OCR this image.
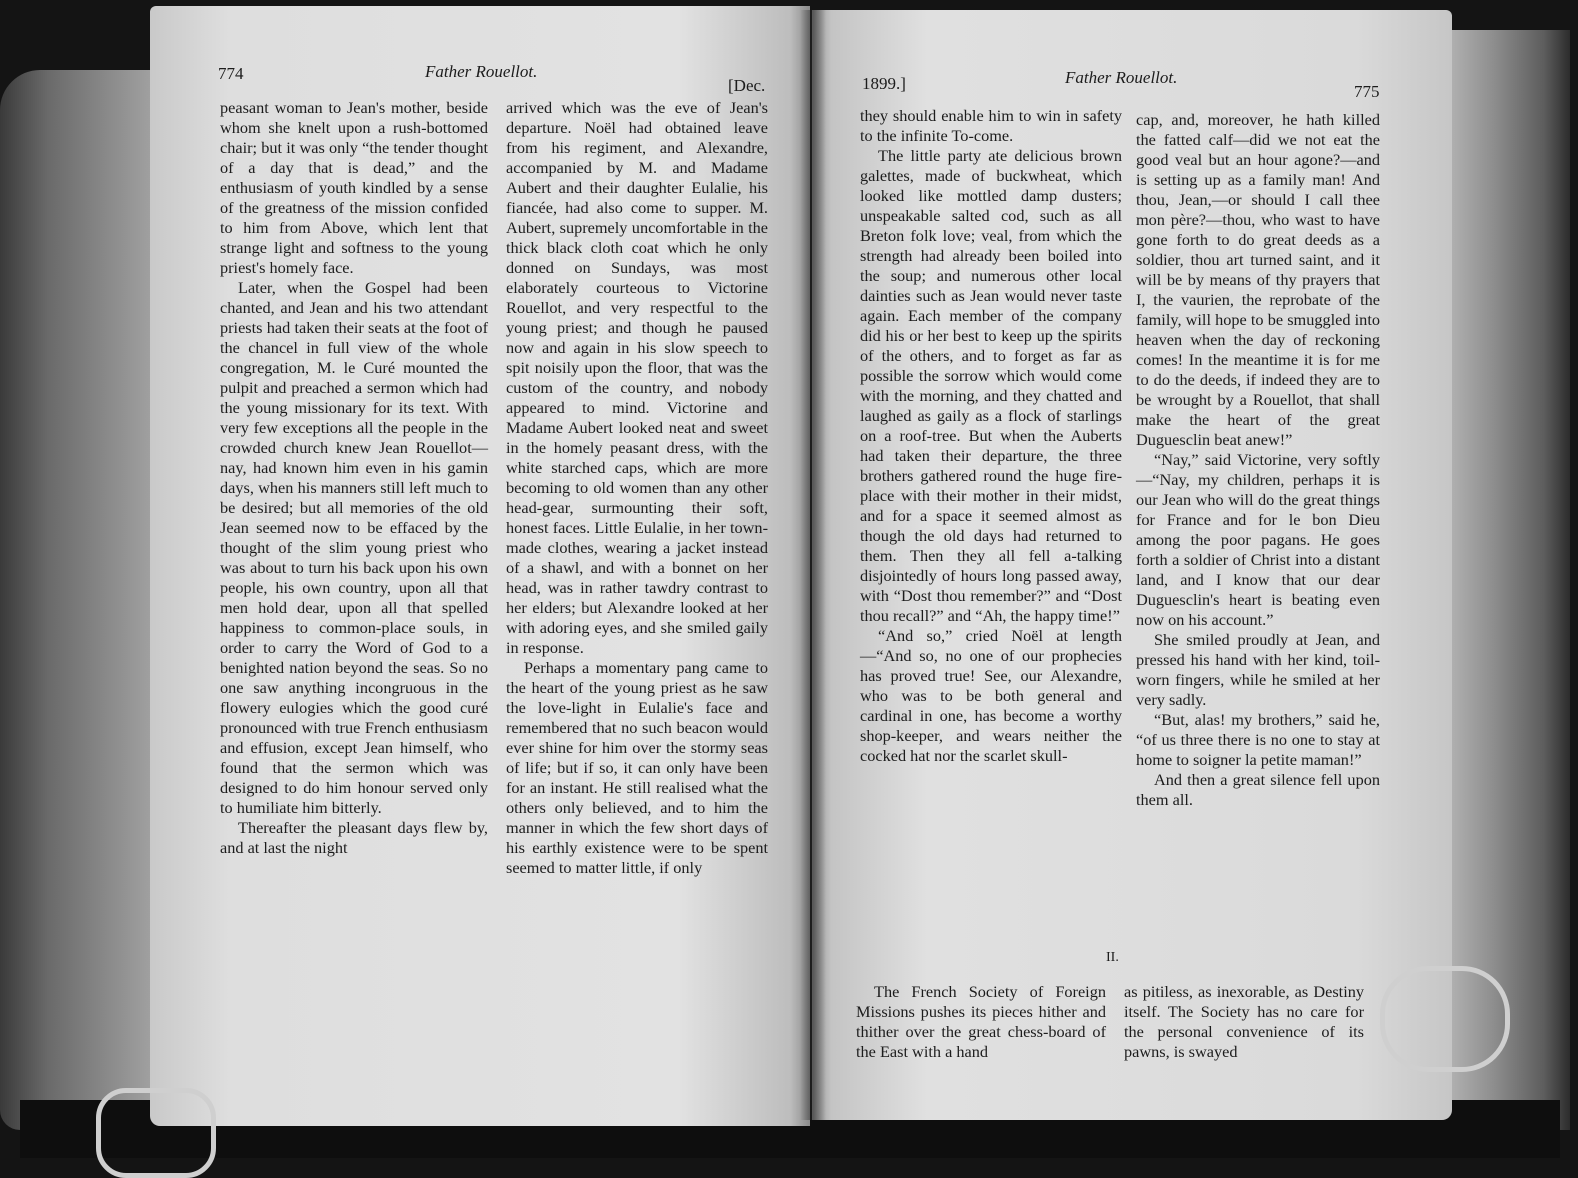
774	Father Rouellot.
[Dec.

peasant woman to Jean's mother, beside whom she knelt upon a rush-bottomed chair; but it was only “the tender thought of a day that is dead,” and the enthusiasm of youth kindled by a sense of the greatness of the mission confided to him from Above, which lent that strange light and softness to the young priest's homely face.

Later, when the Gospel had been chanted, and Jean and his two attendant priests had taken their seats at the foot of the chancel in full view of the whole congregation, M. le Curé mounted the pulpit and preached a sermon which had the young missionary for its text. With very few exceptions all the people in the crowded church knew Jean Rouellot—nay, had known him even in his gamin days, when his manners still left much to be desired; but all memories of the old Jean seemed now to be effaced by the thought of the slim young priest who was about to turn his back upon his own people, his own country, upon all that men hold dear, upon all that spelled happiness to common-place souls, in order to carry the Word of God to a benighted nation beyond the seas. So no one saw anything incongruous in the flowery eulogies which the good curé pronounced with true French enthusiasm and effusion, except Jean himself, who found that the sermon which was designed to do him honour served only to humiliate him bitterly.

Thereafter the pleasant days flew by, and at last the night

arrived which was the eve of Jean's departure. Noël had obtained leave from his regiment, and Alexandre, accompanied by M. and Madame Aubert and their daughter Eulalie, his fiancée, had also come to supper. M. Aubert, supremely uncomfortable in the thick black cloth coat which he only donned on Sundays, was most elaborately courteous to Victorine Rouellot, and very respectful to the young priest; and though he paused now and again in his slow speech to spit noisily upon the floor, that was the custom of the country, and nobody appeared to mind. Victorine and Madame Aubert looked neat and sweet in the homely peasant dress, with the white starched caps, which are more becoming to old women than any other head-gear, surmounting their soft, honest faces. Little Eulalie, in her town-made clothes, wearing a jacket instead of a shawl, and with a bonnet on her head, was in rather tawdry contrast to her elders; but Alexandre looked at her with adoring eyes, and she smiled gaily in response.

Perhaps a momentary pang came to the heart of the young priest as he saw the love-light in Eulalie's face and remembered that no such beacon would ever shine for him over the stormy seas of life; but if so, it can only have been for an instant. He still realised what the others only believed, and to him the manner in which the few short days of his earthly existence were to be spent seemed to matter little, if only

1899.]	Father Rouellot.
775

they should enable him to win in safety to the infinite To-come.

The little party ate delicious brown galettes, made of buckwheat, which looked like mottled damp dusters; unspeakable salted cod, such as all Breton folk love; veal, from which the strength had already been boiled into the soup; and numerous other local dainties such as Jean would never taste again. Each member of the company did his or her best to keep up the spirits of the others, and to forget as far as possible the sorrow which would come with the morning, and they chatted and laughed as gaily as a flock of starlings on a roof-tree. But when the Auberts had taken their departure, the three brothers gathered round the huge fire-place with their mother in their midst, and for a space it seemed almost as though the old days had returned to them. Then they all fell a-talking disjointedly of hours long passed away, with “Dost thou remember?” and “Dost thou recall?” and “Ah, the happy time!”

“And so,” cried Noël at length—“And so, no one of our prophecies has proved true! See, our Alexandre, who was to be both general and cardinal in one, has become a worthy shop-keeper, and wears neither the cocked hat nor the scarlet skull-

cap, and, moreover, he hath killed the fatted calf—did we not eat the good veal but an hour agone?—and is setting up as a family man! And thou, Jean,—or should I call thee mon père?—thou, who wast to have gone forth to do great deeds as a soldier, thou art turned saint, and it will be by means of thy prayers that I, the vaurien, the reprobate of the family, will hope to be smuggled into heaven when the day of reckoning comes! In the meantime it is for me to do the deeds, if indeed they are to be wrought by a Rouellot, that shall make the heart of the great Duguesclin beat anew!”

“Nay,” said Victorine, very softly—“Nay, my children, perhaps it is our Jean who will do the great things for France and for le bon Dieu among the poor pagans. He goes forth a soldier of Christ into a distant land, and I know that our dear Duguesclin's heart is beating even now on his account.”

She smiled proudly at Jean, and pressed his hand with her kind, toil-worn fingers, while he smiled at her very sadly.

“But, alas! my brothers,” said he, “of us three there is no one to stay at home to soigner la petite maman!”

And then a great silence fell upon them all.

II.

The French Society of Foreign Missions pushes its pieces hither and thither over the great chess-board of the East with a hand

as pitiless, as inexorable, as Destiny itself. The Society has no care for the personal convenience of its pawns, is swayed
